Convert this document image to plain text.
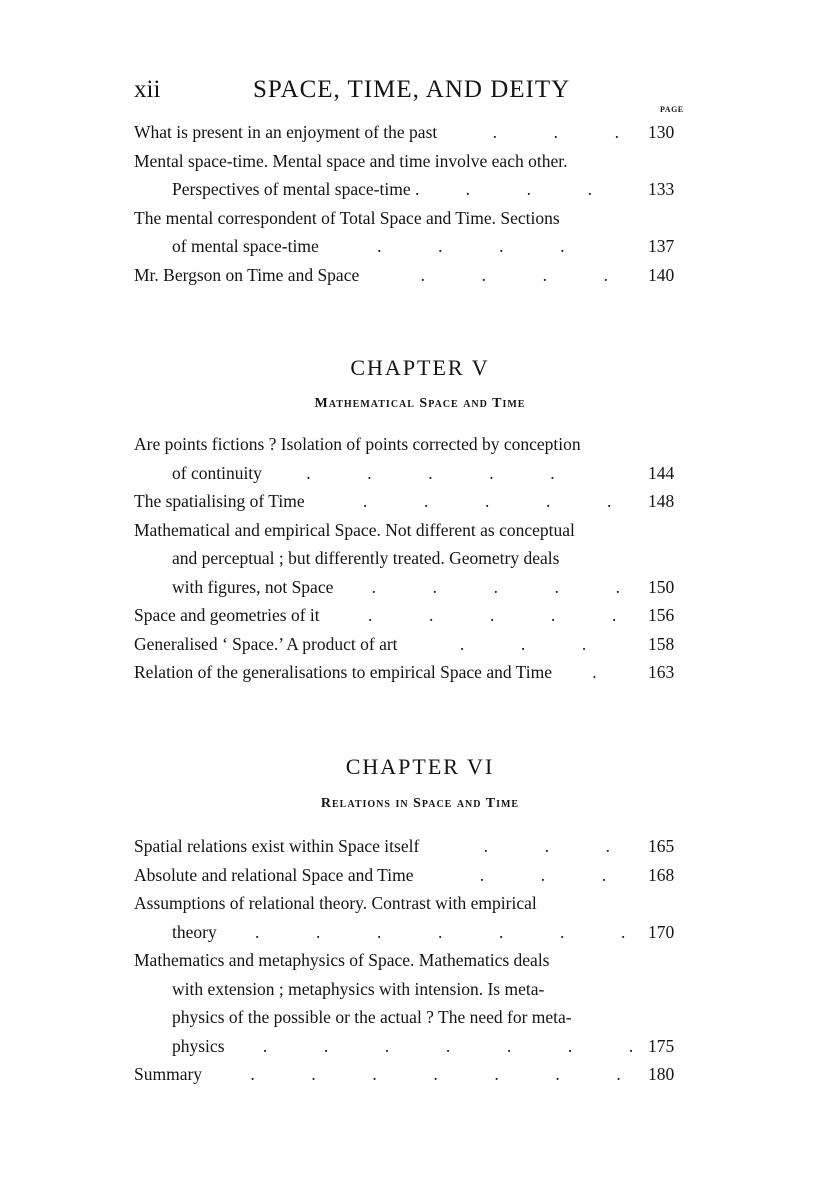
xii	SPACE, TIME, AND DEITY
PAGE
What is present in an enjoyment of the past	.	.	. 130
Mental space-time. Mental space and time involve each other.
Perspectives of mental space-time .	.	.	.	133
The mental correspondent of Total Space and Time. Sections
of mental space-time	.	.	.	.	137
Mr. Bergson on Time and Space	.	.	.	. 140
CHAPTER V
Mathematical Space and Time
Are points fictions ? Isolation of points corrected by conception
of continuity	.	.	.	.	.	144
The spatialising of Time	.	.	.	.	. 148
Mathematical and empirical Space. Not different as conceptual
and perceptual ; but differently treated. Geometry deals
with figures, not Space .	.	.	.	. 150
Space and geometries of it	.	.	.	.	. 156
Generalised ‘ Space.’ A product of art	.	.	.	158
Relation of the generalisations to empirical Space and Time .	163
CHAPTER VI
Relations in Space and Time
Spatial relations exist within Space itself	.	.	. 165
Absolute and relational Space and Time	.	.	. 168
Assumptions of relational theory. Contrast with empirical
theory .	.	.	.	.	.	. 170
Mathematics and metaphysics of Space. Mathematics deals
with extension ; metaphysics with intension. Is meta-
physics of the possible or the actual ? The need for meta-
physics .	.	.	.	.	.	. 175
Summary	.	.	.	.	.	.	. 180
